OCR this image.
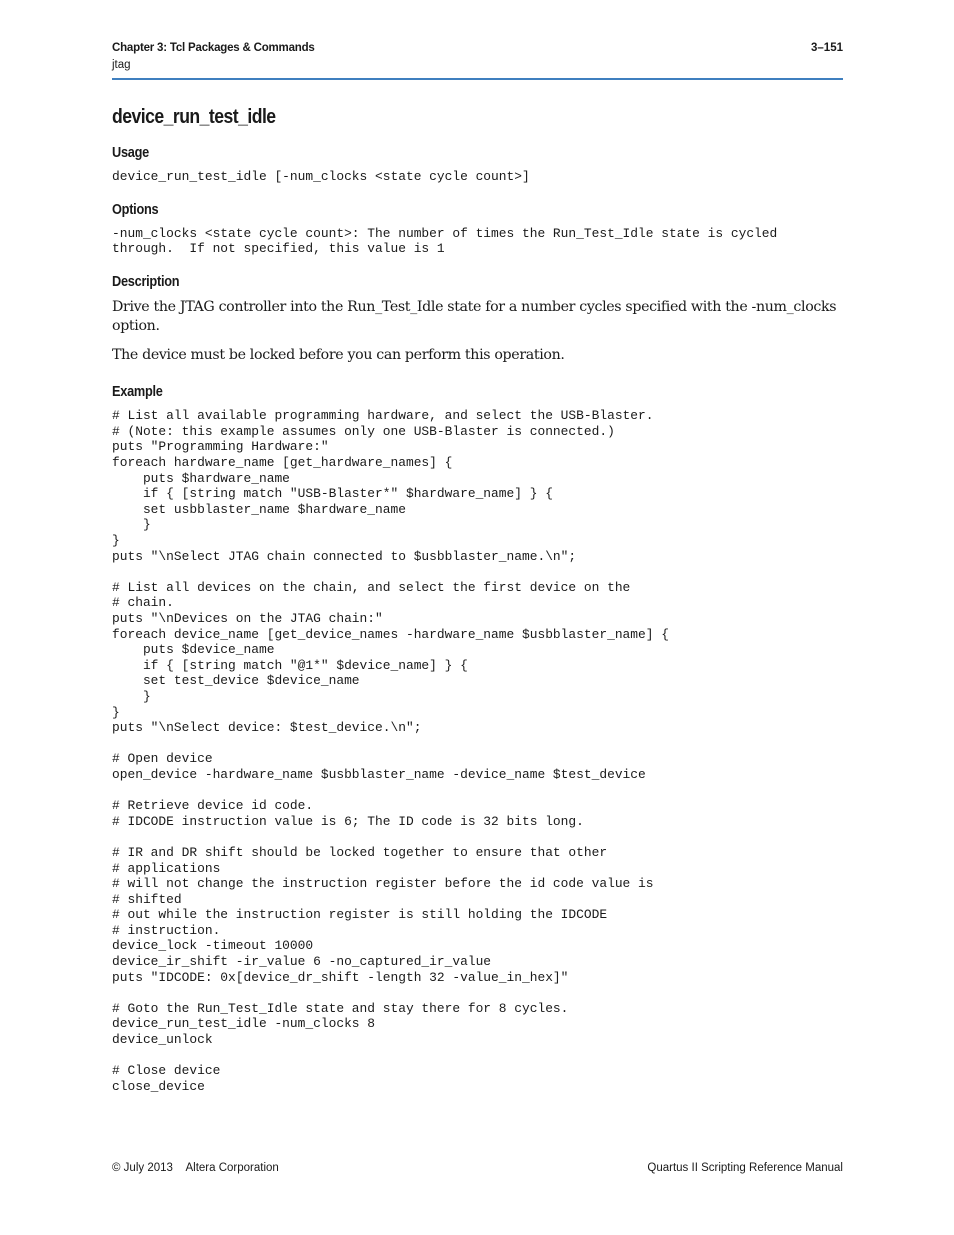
Chapter 3: Tcl Packages & Commands
jtag
3–151
device_run_test_idle
Usage
device_run_test_idle [-num_clocks <state cycle count>]
Options
-num_clocks <state cycle count>: The number of times the Run_Test_Idle state is cycled
through.  If not specified, this value is 1
Description

Drive the JTAG controller into the Run_Test_Idle state for a number cycles specified with the -num_clocks option.

The device must be locked before you can perform this operation.

Example
# List all available programming hardware, and select the USB-Blaster.
# (Note: this example assumes only one USB-Blaster is connected.)
puts "Programming Hardware:"
foreach hardware_name [get_hardware_names] {
puts $hardware_name
if { [string match "USB-Blaster*" $hardware_name] } {
set usbblaster_name $hardware_name
}
}
puts "\nSelect JTAG chain connected to $usbblaster_name.\n";
# List all devices on the chain, and select the first device on the
# chain.
puts "\nDevices on the JTAG chain:"
foreach device_name [get_device_names -hardware_name $usbblaster_name] {
puts $device_name
if { [string match "@1*" $device_name] } {
set test_device $device_name
}
}
puts "\nSelect device: $test_device.\n";
# Open device
open_device -hardware_name $usbblaster_name -device_name $test_device
# Retrieve device id code.
# IDCODE instruction value is 6; The ID code is 32 bits long.
# IR and DR shift should be locked together to ensure that other
# applications
# will not change the instruction register before the id code value is
# shifted
# out while the instruction register is still holding the IDCODE
# instruction.
device_lock -timeout 10000
device_ir_shift -ir_value 6 -no_captured_ir_value
puts "IDCODE: 0x[device_dr_shift -length 32 -value_in_hex]"
# Goto the Run_Test_Idle state and stay there for 8 cycles.
device_run_test_idle -num_clocks 8
device_unlock
# Close device
close_device
© July 2013 Altera Corporation	Quartus II Scripting Reference Manual
